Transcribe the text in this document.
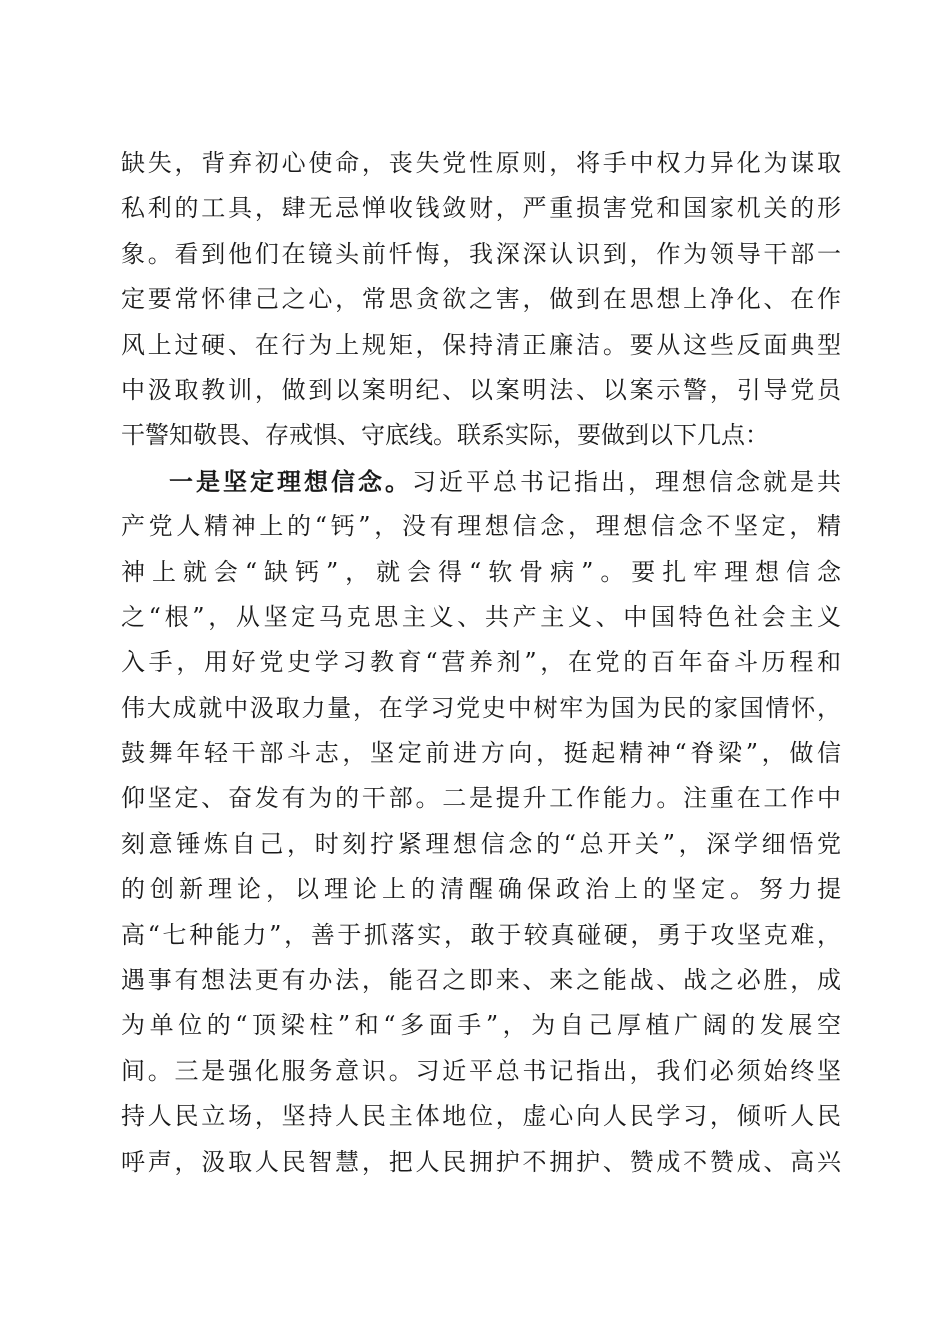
缺失，背弃初心使命，丧失党性原则，将手中权力异化为谋取
私利的工具，肆无忌惮收钱敛财，严重损害党和国家机关的形
象。看到他们在镜头前忏悔，我深深认识到，作为领导干部一
定要常怀律己之心，常思贪欲之害，做到在思想上净化、在作
风上过硬、在行为上规矩，保持清正廉洁。要从这些反面典型
中汲取教训，做到以案明纪、以案明法、以案示警，引导党员
干警知敬畏、存戒惧、守底线。联系实际，要做到以下几点：
一是坚定理想信念。习近平总书记指出，理想信念就是共
产党人精神上的“钙”，没有理想信念，理想信念不坚定，精
神上就会“缺钙”，就会得“软骨病”。要扎牢理想信念
之“根”，从坚定马克思主义、共产主义、中国特色社会主义
入手，用好党史学习教育“营养剂”，在党的百年奋斗历程和
伟大成就中汲取力量，在学习党史中树牢为国为民的家国情怀，
鼓舞年轻干部斗志，坚定前进方向，挺起精神“脊梁”，做信
仰坚定、奋发有为的干部。二是提升工作能力。注重在工作中
刻意锤炼自己，时刻拧紧理想信念的“总开关”，深学细悟党
的创新理论，以理论上的清醒确保政治上的坚定。努力提
高“七种能力”，善于抓落实，敢于较真碰硬，勇于攻坚克难，
遇事有想法更有办法，能召之即来、来之能战、战之必胜，成
为单位的“顶梁柱”和“多面手”，为自己厚植广阔的发展空
间。三是强化服务意识。习近平总书记指出，我们必须始终坚
持人民立场，坚持人民主体地位，虚心向人民学习，倾听人民
呼声，汲取人民智慧，把人民拥护不拥护、赞成不赞成、高兴
